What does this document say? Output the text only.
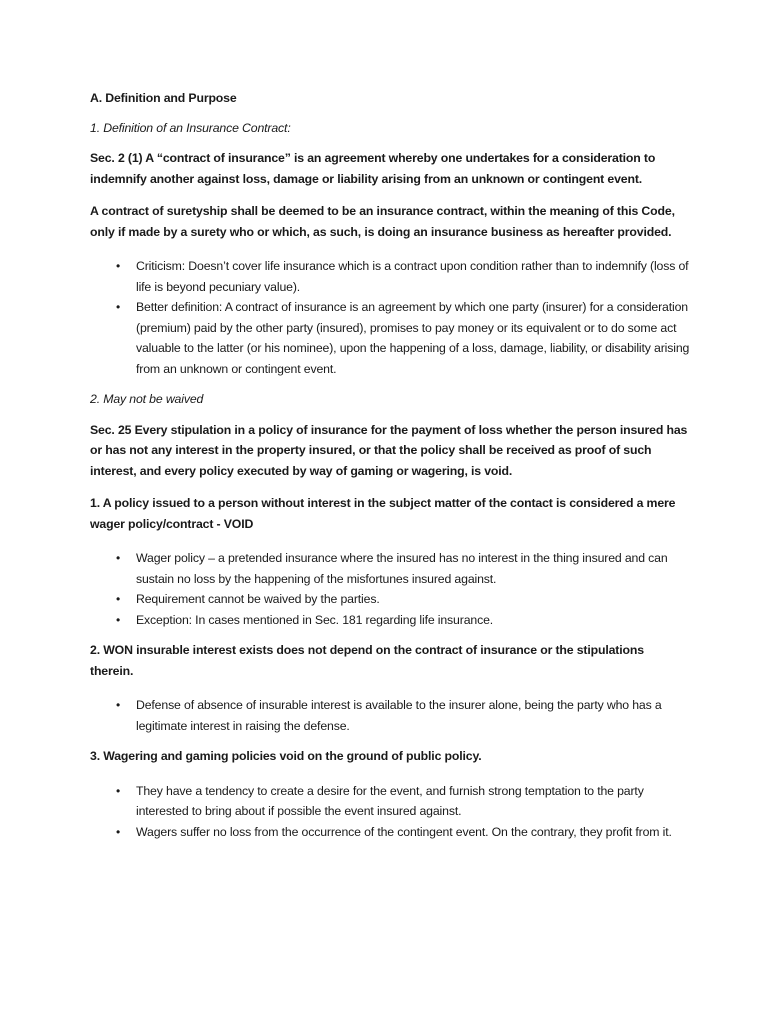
A. Definition and Purpose

1. Definition of an Insurance Contract:

Sec. 2 (1) A “contract of insurance” is an agreement whereby one undertakes for a consideration to indemnify another against loss, damage or liability arising from an unknown or contingent event.

A contract of suretyship shall be deemed to be an insurance contract, within the meaning of this Code, only if made by a surety who or which, as such, is doing an insurance business as hereafter provided.

• Criticism: Doesn’t cover life insurance which is a contract upon condition rather than to indemnify (loss of life is beyond pecuniary value).
• Better definition: A contract of insurance is an agreement by which one party (insurer) for a consideration (premium) paid by the other party (insured), promises to pay money or its equivalent or to do some act valuable to the latter (or his nominee), upon the happening of a loss, damage, liability, or disability arising from an unknown or contingent event.

2. May not be waived

Sec. 25 Every stipulation in a policy of insurance for the payment of loss whether the person insured has or has not any interest in the property insured, or that the policy shall be received as proof of such interest, and every policy executed by way of gaming or wagering, is void.

1. A policy issued to a person without interest in the subject matter of the contact is considered a mere wager policy/contract - VOID

• Wager policy – a pretended insurance where the insured has no interest in the thing insured and can sustain no loss by the happening of the misfortunes insured against.
• Requirement cannot be waived by the parties.
• Exception: In cases mentioned in Sec. 181 regarding life insurance.

2. WON insurable interest exists does not depend on the contract of insurance or the stipulations therein.

• Defense of absence of insurable interest is available to the insurer alone, being the party who has a legitimate interest in raising the defense.

3. Wagering and gaming policies void on the ground of public policy.

• They have a tendency to create a desire for the event, and furnish strong temptation to the party interested to bring about if possible the event insured against.
• Wagers suffer no loss from the occurrence of the contingent event. On the contrary, they profit from it.
